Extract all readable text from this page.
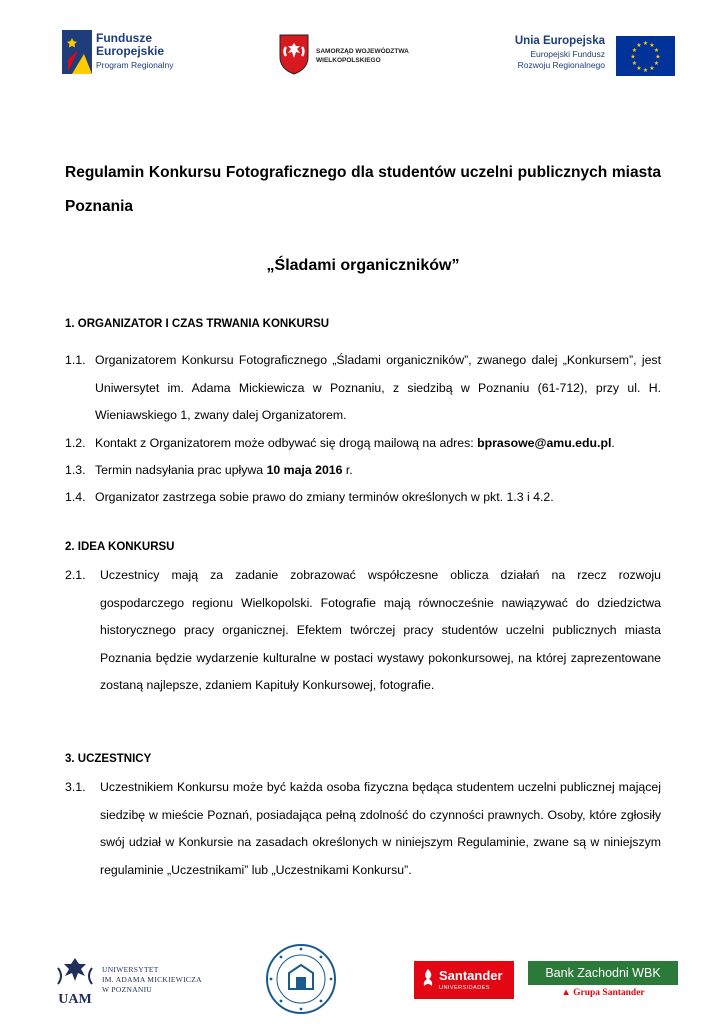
Fundusze
Europejskie
Program Regionalny
SAMORZĄD WOJEWÓDZTWA
WIELKOPOLSKIEGO
Unia Europejska
Europejski Fundusz
Rozwoju Regionalnego
★ ★
★
★
★
★
★
★
★
★
★
★
Regulamin Konkursu Fotograficznego dla studentów uczelni publicznych miasta Poznania
„Śladami organiczników”
1. ORGANIZATOR I CZAS TRWANIA KONKURSU
1.1. Organizatorem Konkursu Fotograficznego „Śladami organiczników”, zwanego dalej „Konkursem”, jest Uniwersytet im. Adama Mickiewicza w Poznaniu, z siedzibą w Poznaniu (61-712), przy ul. H. Wieniawskiego 1, zwany dalej Organizatorem.
1.2. Kontakt z Organizatorem może odbywać się drogą mailową na adres: bprasowe@amu.edu.pl.
1.3. Termin nadsyłania prac upływa 10 maja 2016 r.
1.4. Organizator zastrzega sobie prawo do zmiany terminów określonych w pkt. 1.3 i 4.2.
2. IDEA KONKURSU
2.1. Uczestnicy mają za zadanie zobrazować współczesne oblicza działań na rzecz rozwoju gospodarczego regionu Wielkopolski. Fotografie mają równocześnie nawiązywać do dziedzictwa historycznego pracy organicznej. Efektem twórczej pracy studentów uczelni publicznych miasta Poznania będzie wydarzenie kulturalne w postaci wystawy pokonkursowej, na której zaprezentowane zostaną najlepsze, zdaniem Kapituły Konkursowej, fotografie.
3. UCZESTNICY
3.1. Uczestnikiem Konkursu może być każda osoba fizyczna będąca studentem uczelni publicznej mającej siedzibę w mieście Poznań, posiadająca pełną zdolność do czynności prawnych. Osoby, które zgłosiły swój udział w Konkursie na zasadach określonych w niniejszym Regulaminie, zwane są w niniejszym regulaminie „Uczestnikami” lub „Uczestnikami Konkursu”.
UAM
UNIWERSYTET
IM. ADAMA MICKIEWICZA
W POZNANIU
Santander
UNIVERSIDADES
Bank Zachodni WBK
▲ Grupa Santander
